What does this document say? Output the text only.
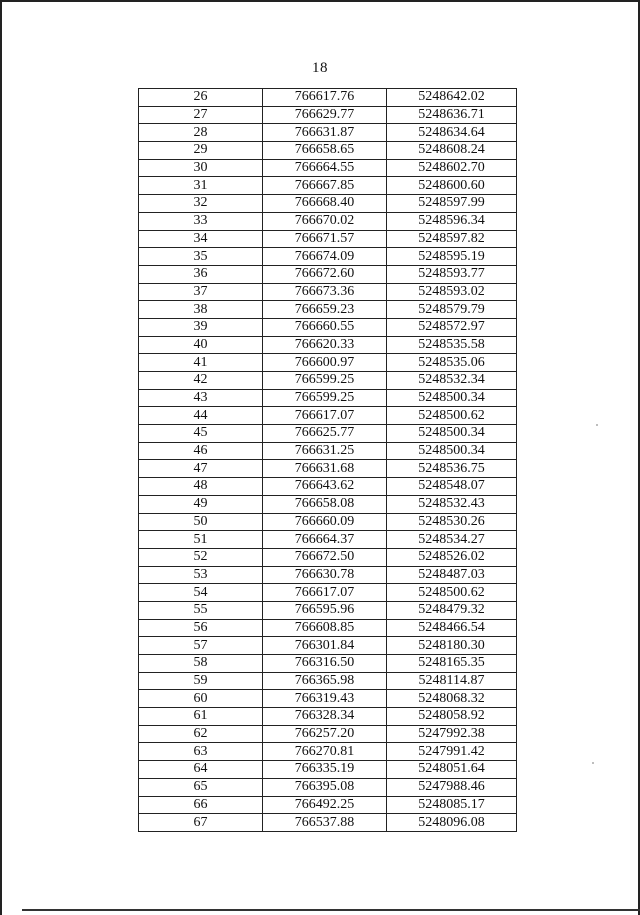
18
26	766617.76	5248642.02
27	766629.77	5248636.71
28	766631.87	5248634.64
29	766658.65	5248608.24
30	766664.55	5248602.70
31	766667.85	5248600.60
32	766668.40	5248597.99
33	766670.02	5248596.34
34	766671.57	5248597.82
35	766674.09	5248595.19
36	766672.60	5248593.77
37	766673.36	5248593.02
38	766659.23	5248579.79
39	766660.55	5248572.97
40	766620.33	5248535.58
41	766600.97	5248535.06
42	766599.25	5248532.34
43	766599.25	5248500.34
44	766617.07	5248500.62
45	766625.77	5248500.34
46	766631.25	5248500.34
47	766631.68	5248536.75
48	766643.62	5248548.07
49	766658.08	5248532.43
50	766660.09	5248530.26
51	766664.37	5248534.27
52	766672.50	5248526.02
53	766630.78	5248487.03
54	766617.07	5248500.62
55	766595.96	5248479.32
56	766608.85	5248466.54
57	766301.84	5248180.30
58	766316.50	5248165.35
59	766365.98	5248114.87
60	766319.43	5248068.32
61	766328.34	5248058.92
62	766257.20	5247992.38
63	766270.81	5247991.42
64	766335.19	5248051.64
65	766395.08	5247988.46
66	766492.25	5248085.17
67	766537.88	5248096.08
